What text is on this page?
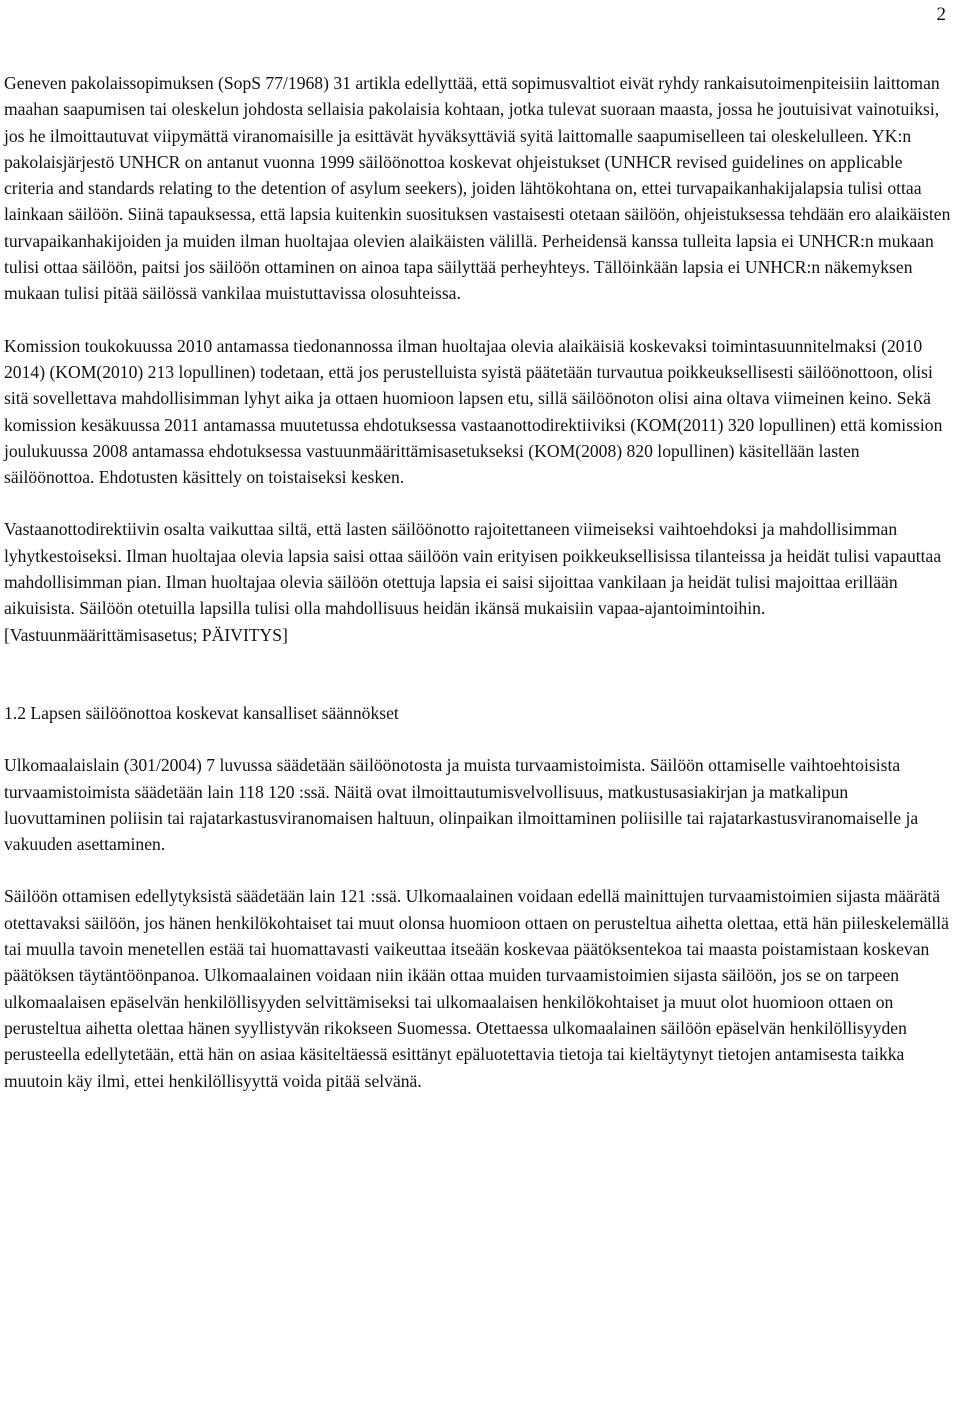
2

Geneven pakolaissopimuksen (SopS 77/1968) 31 artikla edellyttää, että sopimusvaltiot eivät ryhdy rankaisutoimenpiteisiin laittoman maahan saapumisen tai oleskelun johdosta sellaisia pakolaisia kohtaan, jotka tulevat suoraan maasta, jossa he joutuisivat vainotuiksi, jos he ilmoittautuvat viipymättä viranomaisille ja esittävät hyväksyttäviä syitä laittomalle saapumiselleen tai oleskelulleen. YK:n pakolaisjärjestö UNHCR on antanut vuonna 1999 säilöönottoa koskevat ohjeistukset (UNHCR revised guidelines on applicable criteria and standards relating to the detention of asylum seekers), joiden lähtökohtana on, ettei turvapaikanhakijalapsia tulisi ottaa lainkaan säilöön. Siinä tapauksessa, että lapsia kuitenkin suosituksen vastaisesti otetaan säilöön, ohjeistuksessa tehdään ero alaikäisten turvapaikanhakijoiden ja muiden ilman huoltajaa olevien alaikäisten välillä. Perheidensä kanssa tulleita lapsia ei UNHCR:n mukaan tulisi ottaa säilöön, paitsi jos säilöön ottaminen on ainoa tapa säilyttää perheyhteys. Tällöinkään lapsia ei UNHCR:n näkemyksen mukaan tulisi pitää säilössä vankilaa muistuttavissa olosuhteissa.

Komission toukokuussa 2010 antamassa tiedonannossa ilman huoltajaa olevia alaikäisiä koskevaksi toimintasuunnitelmaksi (2010 2014) (KOM(2010) 213 lopullinen) todetaan, että jos perustelluista syistä päätetään turvautua poikkeuksellisesti säilöönottoon, olisi sitä sovellettava mahdollisimman lyhyt aika ja ottaen huomioon lapsen etu, sillä säilöönoton olisi aina oltava viimeinen keino. Sekä komission kesäkuussa 2011 antamassa muutetussa ehdotuksessa vastaanottodirektiiviksi (KOM(2011) 320 lopullinen) että komission joulukuussa 2008 antamassa ehdotuksessa vastuunmäärittämisasetukseksi (KOM(2008) 820 lopullinen) käsitellään lasten säilöönottoa. Ehdotusten käsittely on toistaiseksi kesken.

Vastaanottodirektiivin osalta vaikuttaa siltä, että lasten säilöönotto rajoitettaneen viimeiseksi vaihtoehdoksi ja mahdollisimman lyhytkestoiseksi. Ilman huoltajaa olevia lapsia saisi ottaa säilöön vain erityisen poikkeuksellisissa tilanteissa ja heidät tulisi vapauttaa mahdollisimman pian. Ilman huoltajaa olevia säilöön otettuja lapsia ei saisi sijoittaa vankilaan ja heidät tulisi majoittaa erillään aikuisista. Säilöön otetuilla lapsilla tulisi olla mahdollisuus heidän ikänsä mukaisiin vapaa-ajantoimintoihin. [Vastuunmäärittämisasetus; PÄIVITYS]

1.2 Lapsen säilöönottoa koskevat kansalliset säännökset

Ulkomaalaislain (301/2004) 7 luvussa säädetään säilöönotosta ja muista turvaamistoimista. Säilöön ottamiselle vaihtoehtoisista turvaamistoimista säädetään lain 118 120 :ssä. Näitä ovat ilmoittautumisvelvollisuus, matkustusasiakirjan ja matkalipun luovuttaminen poliisin tai rajatarkastusviranomaisen haltuun, olinpaikan ilmoittaminen poliisille tai rajatarkastusviranomaiselle ja vakuuden asettaminen.

Säilöön ottamisen edellytyksistä säädetään lain 121 :ssä. Ulkomaalainen voidaan edellä mainittujen turvaamistoimien sijasta määrätä otettavaksi säilöön, jos hänen henkilökohtaiset tai muut olonsa huomioon ottaen on perusteltua aihetta olettaa, että hän piileskelemällä tai muulla tavoin menetellen estää tai huomattavasti vaikeuttaa itseään koskevaa päätöksentekoa tai maasta poistamistaan koskevan päätöksen täytäntöönpanoa. Ulkomaalainen voidaan niin ikään ottaa muiden turvaamistoimien sijasta säilöön, jos se on tarpeen ulkomaalaisen epäselvän henkilöllisyyden selvittämiseksi tai ulkomaalaisen henkilökohtaiset ja muut olot huomioon ottaen on perusteltua aihetta olettaa hänen syyllistyvän rikokseen Suomessa. Otettaessa ulkomaalainen säilöön epäselvän henkilöllisyyden perusteella edellytetään, että hän on asiaa käsiteltäessä esittänyt epäluotettavia tietoja tai kieltäytynyt tietojen antamisesta taikka muutoin käy ilmi, ettei henkilöllisyyttä voida pitää selvänä.
